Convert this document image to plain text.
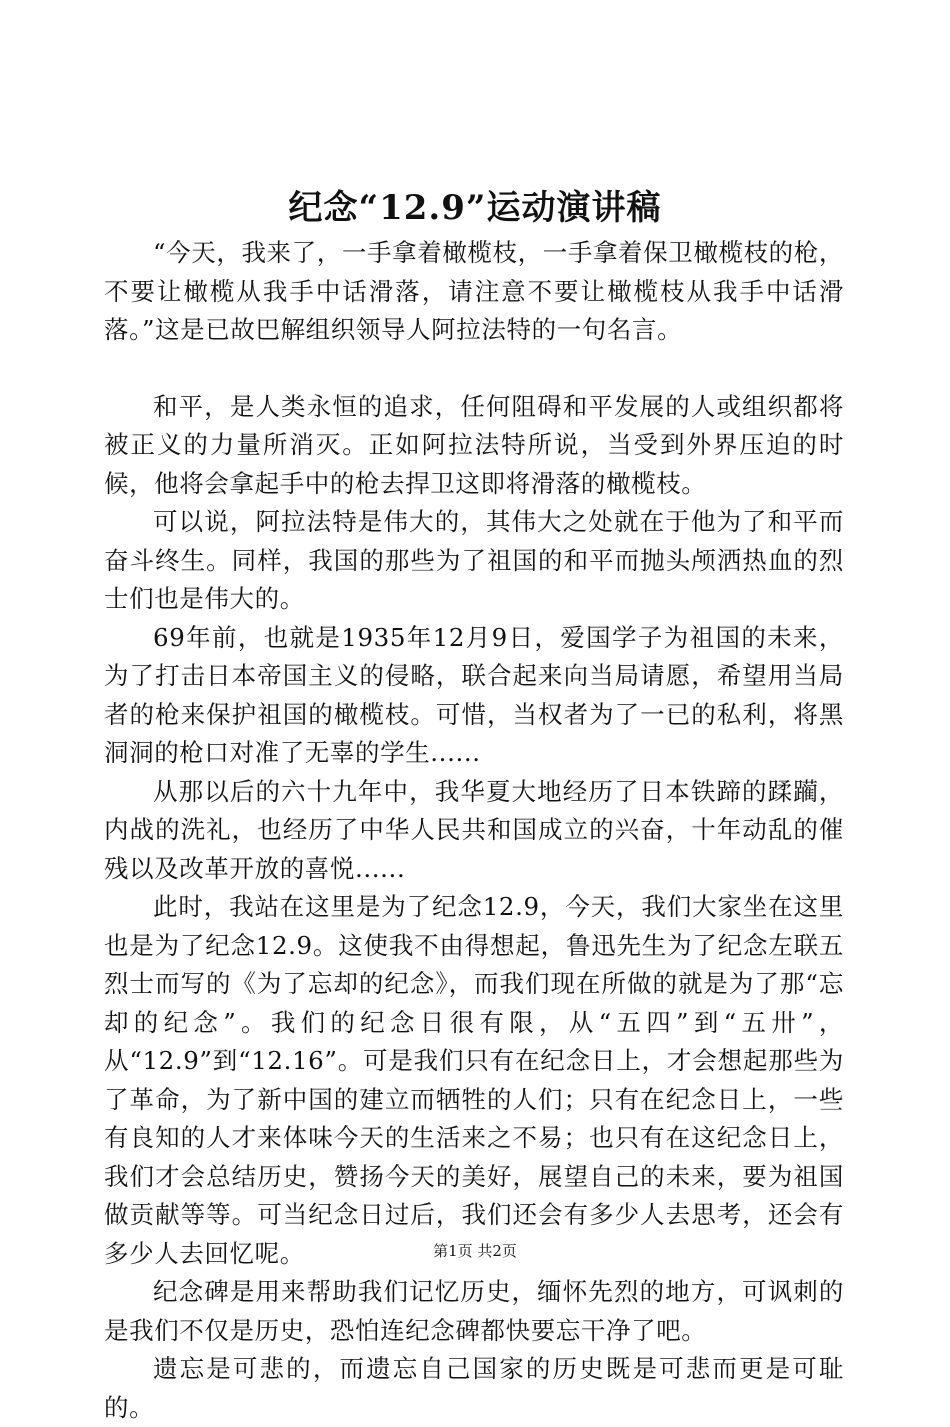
纪念“12.9”运动演讲稿

“今天，我来了，一手拿着橄榄枝，一手拿着保卫橄榄枝的枪，不要让橄榄从我手中话滑落，请注意不要让橄榄枝从我手中话滑落。”这是已故巴解组织领导人阿拉法特的一句名言。

和平，是人类永恒的追求，任何阻碍和平发展的人或组织都将被正义的力量所消灭。正如阿拉法特所说，当受到外界压迫的时候，他将会拿起手中的枪去捍卫这即将滑落的橄榄枝。

可以说，阿拉法特是伟大的，其伟大之处就在于他为了和平而奋斗终生。同样，我国的那些为了祖国的和平而抛头颅洒热血的烈士们也是伟大的。

69年前，也就是1935年12月9日，爱国学子为祖国的未来，为了打击日本帝国主义的侵略，联合起来向当局请愿，希望用当局者的枪来保护祖国的橄榄枝。可惜，当权者为了一已的私利，将黑洞洞的枪口对准了无辜的学生......

从那以后的六十九年中，我华夏大地经历了日本铁蹄的蹂躏，内战的洗礼，也经历了中华人民共和国成立的兴奋，十年动乱的催残以及改革开放的喜悦......

此时，我站在这里是为了纪念12.9，今天，我们大家坐在这里也是为了纪念12.9。这使我不由得想起，鲁迅先生为了纪念左联五烈士而写的《为了忘却的纪念》，而我们现在所做的就是为了那“忘却的纪念”。我们的纪念日很有限，从“五四”到“五卅”，从“12.9”到“12.16”。可是我们只有在纪念日上，才会想起那些为了革命，为了新中国的建立而牺牲的人们；只有在纪念日上，一些有良知的人才来体味今天的生活来之不易；也只有在这纪念日上，我们才会总结历史，赞扬今天的美好，展望自己的未来，要为祖国做贡献等等。可当纪念日过后，我们还会有多少人去思考，还会有多少人去回忆呢。

纪念碑是用来帮助我们记忆历史，缅怀先烈的地方，可讽刺的是我们不仅是历史，恐怕连纪念碑都快要忘干净了吧。

遗忘是可悲的，而遗忘自己国家的历史既是可悲而更是可耻的。

第1页 共2页
